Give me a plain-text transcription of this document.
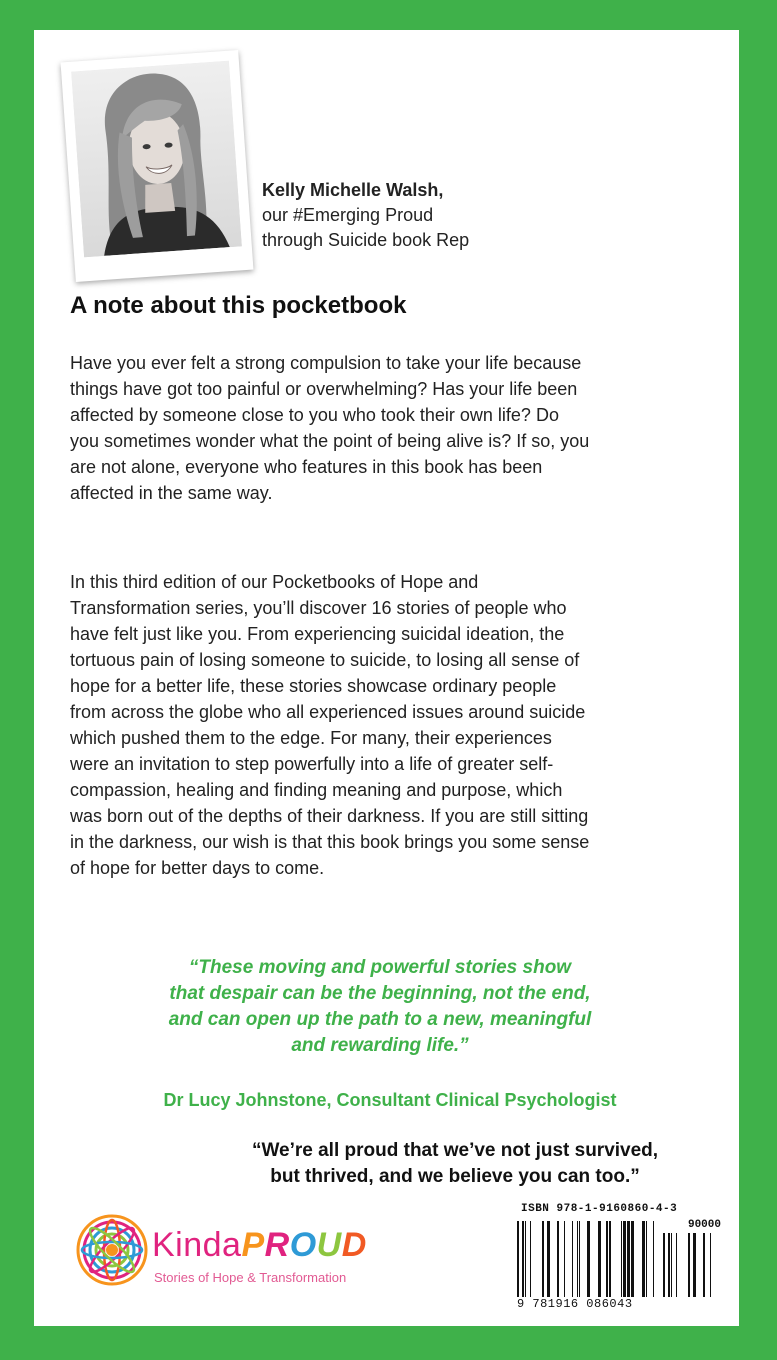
Kelly Michelle Walsh,
our #Emerging Proud
through Suicide book Rep
A note about this pocketbook
Have you ever felt a strong compulsion to take your life because things have got too painful or overwhelming? Has your life been affected by someone close to you who took their own life? Do you sometimes wonder what the point of being alive is? If so, you are not alone, everyone who features in this book has been affected in the same way.
In this third edition of our Pocketbooks of Hope and Transformation series, you’ll discover 16 stories of people who have felt just like you. From experiencing suicidal ideation, the tortuous pain of losing someone to suicide, to losing all sense of hope for a better life, these stories showcase ordinary people from across the globe who all experienced issues around suicide which pushed them to the edge. For many, their experiences were an invitation to step powerfully into a life of greater self-compassion, healing and finding meaning and purpose, which was born out of the depths of their darkness. If you are still sitting in the darkness, our wish is that this book brings you some sense of hope for better days to come.
“These moving and powerful stories show
that despair can be the beginning, not the end,
and can open up the path to a new, meaningful
and rewarding life.”
Dr Lucy Johnstone, Consultant Clinical Psychologist
“We’re all proud that we’ve not just survived,
but thrived, and we believe you can too.”
KindaPROUD
Stories of Hope & Transformation
ISBN 978-1-9160860-4-3
90000
9 781916 086043
